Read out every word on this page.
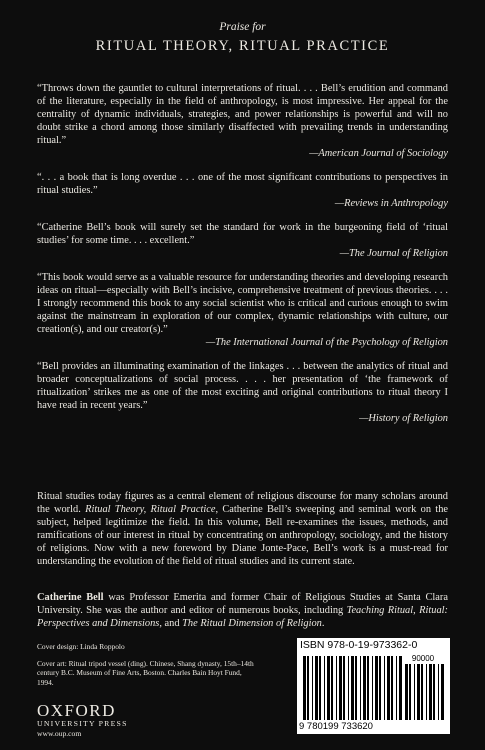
Praise for
RITUAL THEORY, RITUAL PRACTICE

“Throws down the gauntlet to cultural interpretations of ritual. . . . Bell’s erudition and command of the literature, especially in the field of anthropology, is most impressive. Her appeal for the centrality of dynamic individuals, strategies, and power relationships is powerful and will no doubt strike a chord among those similarly disaffected with prevailing trends in understanding ritual.”
—American Journal of Sociology

“. . . a book that is long overdue . . . one of the most significant contributions to perspectives in ritual studies.”
—Reviews in Anthropology

“Catherine Bell’s book will surely set the standard for work in the burgeoning field of ‘ritual studies’ for some time. . . . excellent.”
—The Journal of Religion

“This book would serve as a valuable resource for understanding theories and developing research ideas on ritual—especially with Bell’s incisive, comprehensive treatment of previous theories. . . . I strongly recommend this book to any social scientist who is critical and curious enough to swim against the mainstream in exploration of our complex, dynamic relationships with culture, our creation(s), and our creator(s).”
—The International Journal of the Psychology of Religion

“Bell provides an illuminating examination of the linkages . . . between the analytics of ritual and broader conceptualizations of social process. . . . her presentation of ‘the framework of ritualization’ strikes me as one of the most exciting and original contributions to ritual theory I have read in recent years.”
—History of Religion

Ritual studies today figures as a central element of religious discourse for many scholars around the world. Ritual Theory, Ritual Practice, Catherine Bell’s sweeping and seminal work on the subject, helped legitimize the field. In this volume, Bell re-examines the issues, methods, and ramifications of our interest in ritual by concentrating on anthropology, sociology, and the history of religions. Now with a new foreword by Diane Jonte-Pace, Bell’s work is a must-read for understanding the evolution of the field of ritual studies and its current state.

Catherine Bell was Professor Emerita and former Chair of Religious Studies at Santa Clara University. She was the author and editor of numerous books, including Teaching Ritual, Ritual: Perspectives and Dimensions, and The Ritual Dimension of Religion.

Cover design: Linda Roppolo
Cover art: Ritual tripod vessel (ding). Chinese, Shang dynasty, 15th–14th century B.C. Museum of Fine Arts, Boston. Charles Bain Hoyt Fund, 1994.
OXFORD
UNIVERSITY PRESS
www.oup.com
ISBN 978-0-19-973362-0
90000
9 780199 733620
